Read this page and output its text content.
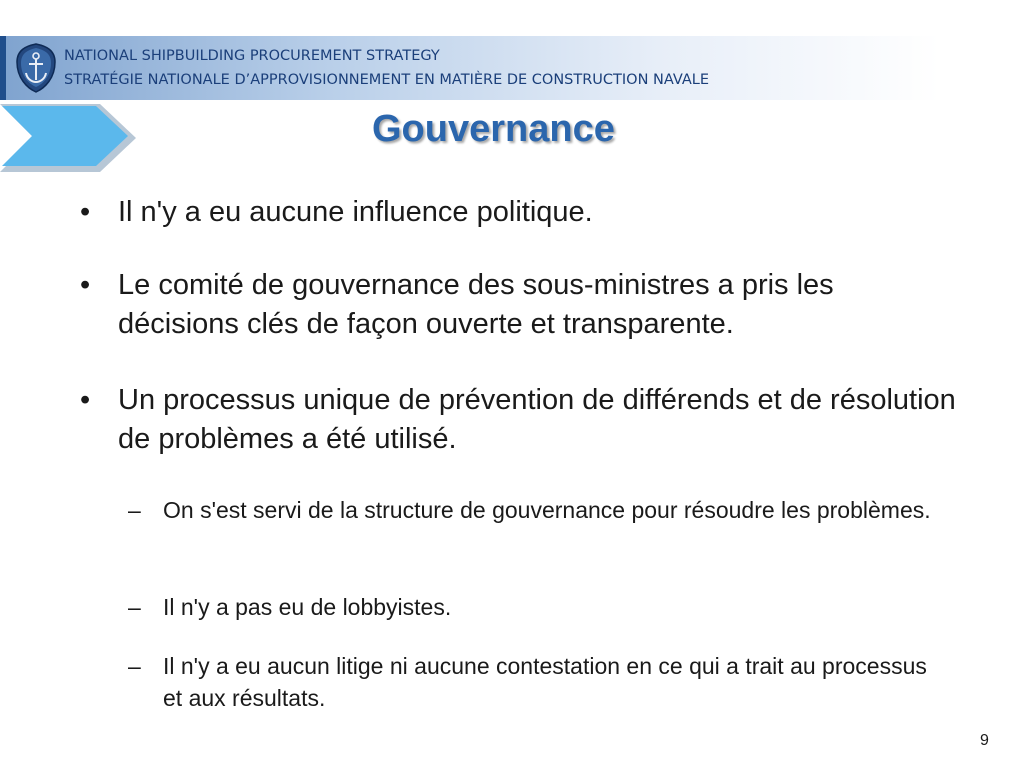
NATIONAL SHIPBUILDING PROCUREMENT STRATEGY
STRATÉGIE NATIONALE D’APPROVISIONNEMENT EN MATIÈRE DE CONSTRUCTION NAVALE
Gouvernance
• Il n'y a eu aucune influence politique.
• Le comité de gouvernance des sous-ministres a pris les décisions clés de façon ouverte et transparente.
• Un processus unique de prévention de différends et de résolution de problèmes a été utilisé.
– On s'est servi de la structure de gouvernance pour résoudre les problèmes.
– Il n'y a pas eu de lobbyistes.
– Il n'y a eu aucun litige ni aucune contestation en ce qui a trait au processus et aux résultats.
9
